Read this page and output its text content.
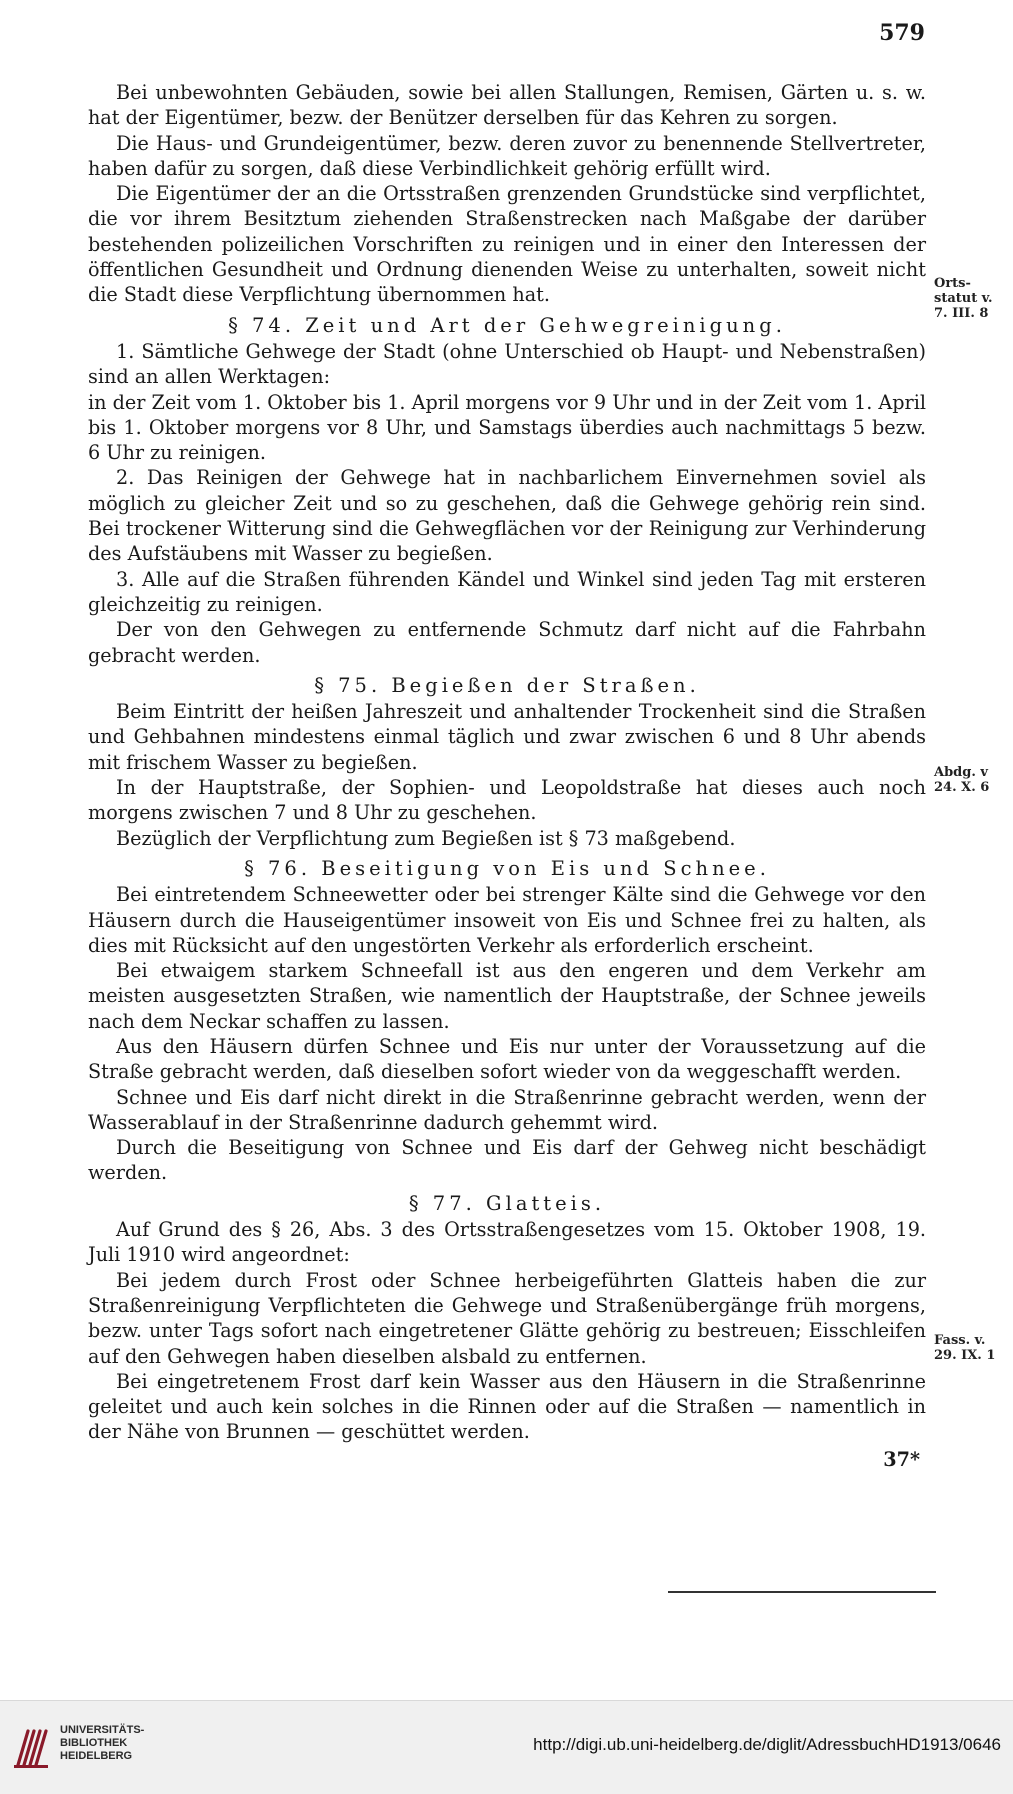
579

Bei unbewohnten Gebäuden, sowie bei allen Stallungen, Remisen, Gärten u. s. w. hat der Eigentümer, bezw. der Benützer derselben für das Kehren zu sorgen.

Die Haus- und Grundeigentümer, bezw. deren zuvor zu benennende Stellvertreter, haben dafür zu sorgen, daß diese Verbindlichkeit gehörig erfüllt wird.

Die Eigentümer der an die Ortsstraßen grenzenden Grundstücke sind verpflichtet, die vor ihrem Besitztum ziehenden Straßenstrecken nach Maßgabe der darüber bestehenden polizeilichen Vorschriften zu reinigen und in einer den Interessen der öffentlichen Gesundheit und Ordnung dienenden Weise zu unterhalten, soweit nicht die Stadt diese Verpflichtung übernommen hat.

§ 74. Zeit und Art der Gehwegreinigung.

1. Sämtliche Gehwege der Stadt (ohne Unterschied ob Haupt- und Nebenstraßen) sind an allen Werktagen:

in der Zeit vom 1. Oktober bis 1. April morgens vor 9 Uhr und in der Zeit vom 1. April bis 1. Oktober morgens vor 8 Uhr, und Samstags überdies auch nachmittags 5 bezw. 6 Uhr zu reinigen.

2. Das Reinigen der Gehwege hat in nachbarlichem Einvernehmen soviel als möglich zu gleicher Zeit und so zu geschehen, daß die Gehwege gehörig rein sind. Bei trockener Witterung sind die Gehwegflächen vor der Reinigung zur Verhinderung des Aufstäubens mit Wasser zu begießen.

3. Alle auf die Straßen führenden Kändel und Winkel sind jeden Tag mit ersteren gleichzeitig zu reinigen.

Der von den Gehwegen zu entfernende Schmutz darf nicht auf die Fahrbahn gebracht werden.

§ 75. Begießen der Straßen.

Beim Eintritt der heißen Jahreszeit und anhaltender Trockenheit sind die Straßen und Gehbahnen mindestens einmal täglich und zwar zwischen 6 und 8 Uhr abends mit frischem Wasser zu begießen.

In der Hauptstraße, der Sophien- und Leopoldstraße hat dieses auch noch morgens zwischen 7 und 8 Uhr zu geschehen.

Bezüglich der Verpflichtung zum Begießen ist § 73 maßgebend.

§ 76. Beseitigung von Eis und Schnee.

Bei eintretendem Schneewetter oder bei strenger Kälte sind die Gehwege vor den Häusern durch die Hauseigentümer insoweit von Eis und Schnee frei zu halten, als dies mit Rücksicht auf den ungestörten Verkehr als erforderlich erscheint.

Bei etwaigem starkem Schneefall ist aus den engeren und dem Verkehr am meisten ausgesetzten Straßen, wie namentlich der Hauptstraße, der Schnee jeweils nach dem Neckar schaffen zu lassen.

Aus den Häusern dürfen Schnee und Eis nur unter der Voraussetzung auf die Straße gebracht werden, daß dieselben sofort wieder von da weggeschafft werden.

Schnee und Eis darf nicht direkt in die Straßenrinne gebracht werden, wenn der Wasserablauf in der Straßenrinne dadurch gehemmt wird.

Durch die Beseitigung von Schnee und Eis darf der Gehweg nicht beschädigt werden.

§ 77. Glatteis.

Auf Grund des § 26, Abs. 3 des Ortsstraßengesetzes vom 15. Oktober 1908, 19. Juli 1910 wird angeordnet:

Bei jedem durch Frost oder Schnee herbeigeführten Glatteis haben die zur Straßenreinigung Verpflichteten die Gehwege und Straßenübergänge früh morgens, bezw. unter Tags sofort nach eingetretener Glätte gehörig zu bestreuen; Eisschleifen auf den Gehwegen haben dieselben alsbald zu entfernen.

Bei eingetretenem Frost darf kein Wasser aus den Häusern in die Straßenrinne geleitet und auch kein solches in die Rinnen oder auf die Straßen — namentlich in der Nähe von Brunnen — geschüttet werden.

37*

Orts-
statut v.
7. III. 8
Abdg. v
24. X. 6
Fass. v.
29. IX. 1
UNIVERSITÄTS-
BIBLIOTHEK
HEIDELBERG
http://digi.ub.uni-heidelberg.de/diglit/AdressbuchHD1913/0646
